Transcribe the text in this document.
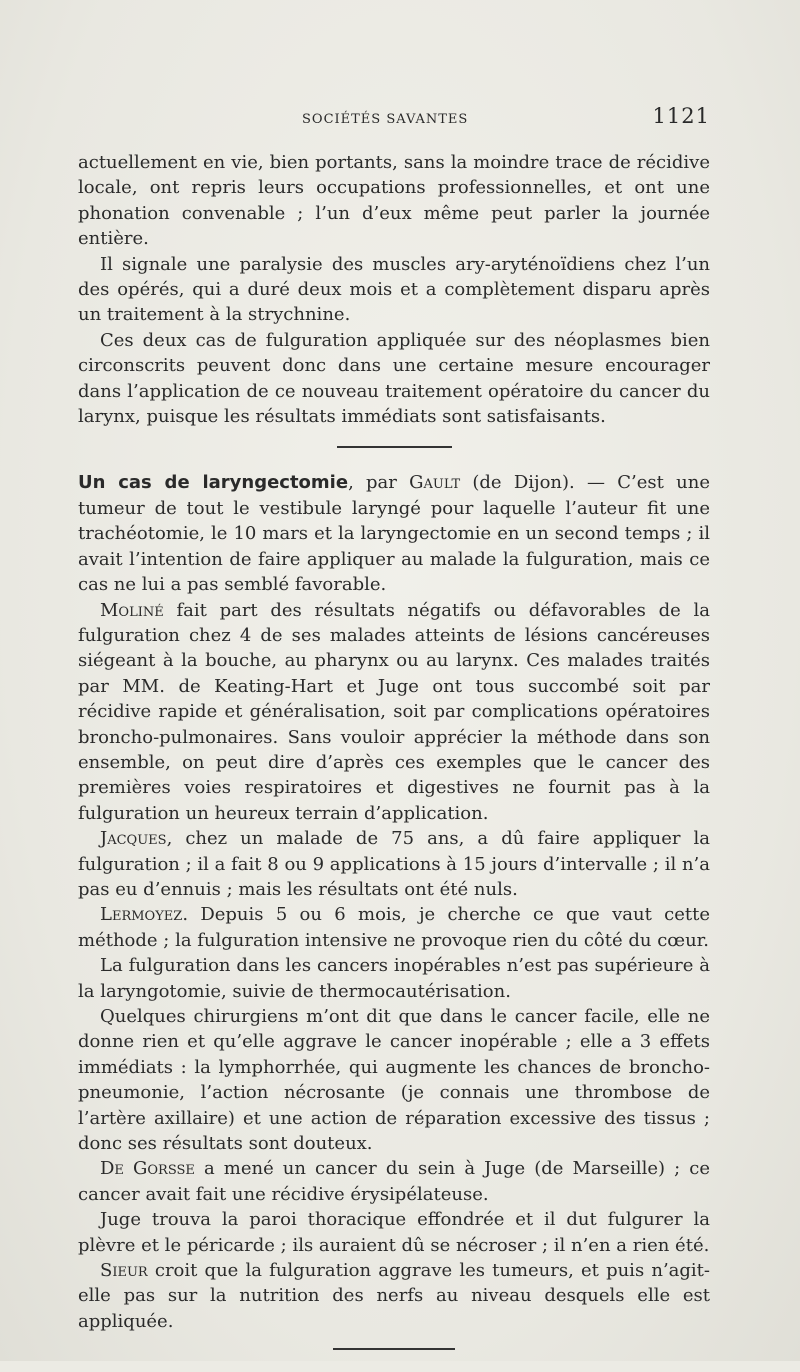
SOCIÉTÉS SAVANTES	1121

actuellement en vie, bien portants, sans la moindre trace de récidive locale, ont repris leurs occupations professionnelles, et ont une phonation convenable ; l’un d’eux même peut parler la journée entière.

Il signale une paralysie des muscles ary-aryténoïdiens chez l’un des opérés, qui a duré deux mois et a complètement disparu après un traitement à la strychnine.

Ces deux cas de fulguration appliquée sur des néoplasmes bien circonscrits peuvent donc dans une certaine mesure encourager dans l’application de ce nouveau traitement opératoire du cancer du larynx, puisque les résultats immédiats sont satisfaisants.

Un cas de laryngectomie, par Gault (de Dijon). — C’est une tumeur de tout le vestibule laryngé pour laquelle l’auteur fit une trachéotomie, le 10 mars et la laryngectomie en un second temps ; il avait l’intention de faire appliquer au malade la fulguration, mais ce cas ne lui a pas semblé favorable.

Moliné fait part des résultats négatifs ou défavorables de la fulguration chez 4 de ses malades atteints de lésions cancéreuses siégeant à la bouche, au pharynx ou au larynx. Ces malades traités par MM. de Keating-Hart et Juge ont tous succombé soit par récidive rapide et généralisation, soit par complications opératoires broncho-pulmonaires. Sans vouloir apprécier la méthode dans son ensemble, on peut dire d’après ces exemples que le cancer des premières voies respiratoires et digestives ne fournit pas à la fulguration un heureux terrain d’application.

Jacques, chez un malade de 75 ans, a dû faire appliquer la fulguration ; il a fait 8 ou 9 applications à 15 jours d’intervalle ; il n’a pas eu d’ennuis ; mais les résultats ont été nuls.

Lermoyez. Depuis 5 ou 6 mois, je cherche ce que vaut cette méthode ; la fulguration intensive ne provoque rien du côté du cœur.

La fulguration dans les cancers inopérables n’est pas supérieure à la laryngotomie, suivie de thermocautérisation.

Quelques chirurgiens m’ont dit que dans le cancer facile, elle ne donne rien et qu’elle aggrave le cancer inopérable ; elle a 3 effets immédiats : la lymphorrhée, qui augmente les chances de broncho-pneumonie, l’action nécrosante (je connais une thrombose de l’artère axillaire) et une action de réparation excessive des tissus ; donc ses résultats sont douteux.

De Gorsse a mené un cancer du sein à Juge (de Marseille) ; ce cancer avait fait une récidive érysipélateuse.

Juge trouva la paroi thoracique effondrée et il dut fulgurer la plèvre et le péricarde ; ils auraient dû se nécroser ; il n’en a rien été.

Sieur croit que la fulguration aggrave les tumeurs, et puis n’agit-elle pas sur la nutrition des nerfs au niveau desquels elle est appliquée.
